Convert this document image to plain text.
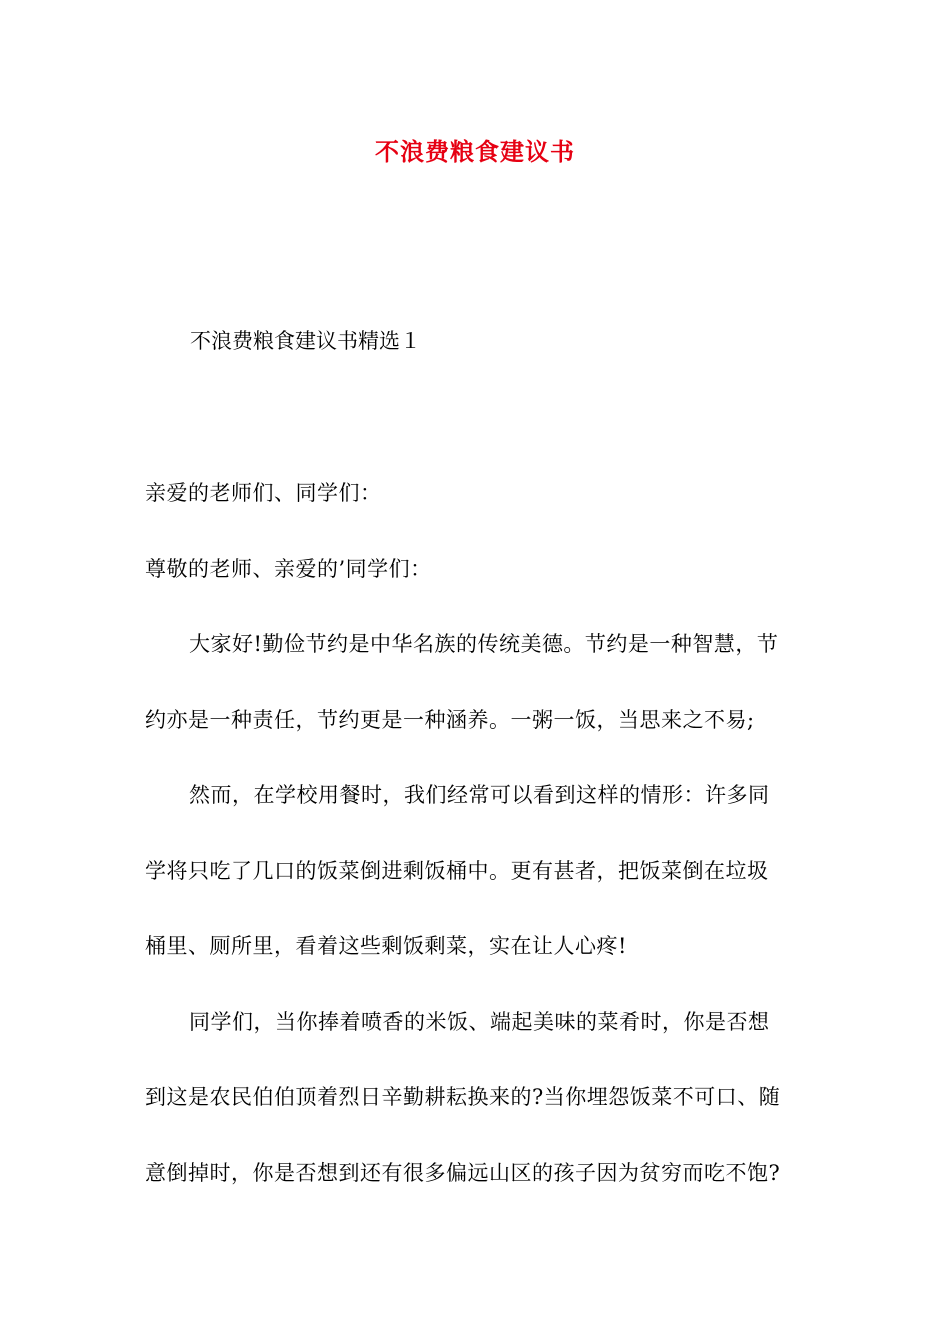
不浪费粮食建议书
不浪费粮食建议书精选１
亲爱的老师们、同学们：
尊敬的老师、亲爱的’同学们：
大家好!勤俭节约是中华名族的传统美德。节约是一种智慧，节
约亦是一种责任，节约更是一种涵养。一粥一饭，当思来之不易;
然而，在学校用餐时，我们经常可以看到这样的情形：许多同
学将只吃了几口的饭菜倒进剩饭桶中。更有甚者，把饭菜倒在垃圾
桶里、厕所里，看着这些剩饭剩菜，实在让人心疼!
同学们，当你捧着喷香的米饭、端起美味的菜肴时，你是否想
到这是农民伯伯顶着烈日辛勤耕耘换来的?当你埋怨饭菜不可口、随
意倒掉时，你是否想到还有很多偏远山区的孩子因为贫穷而吃不饱?
